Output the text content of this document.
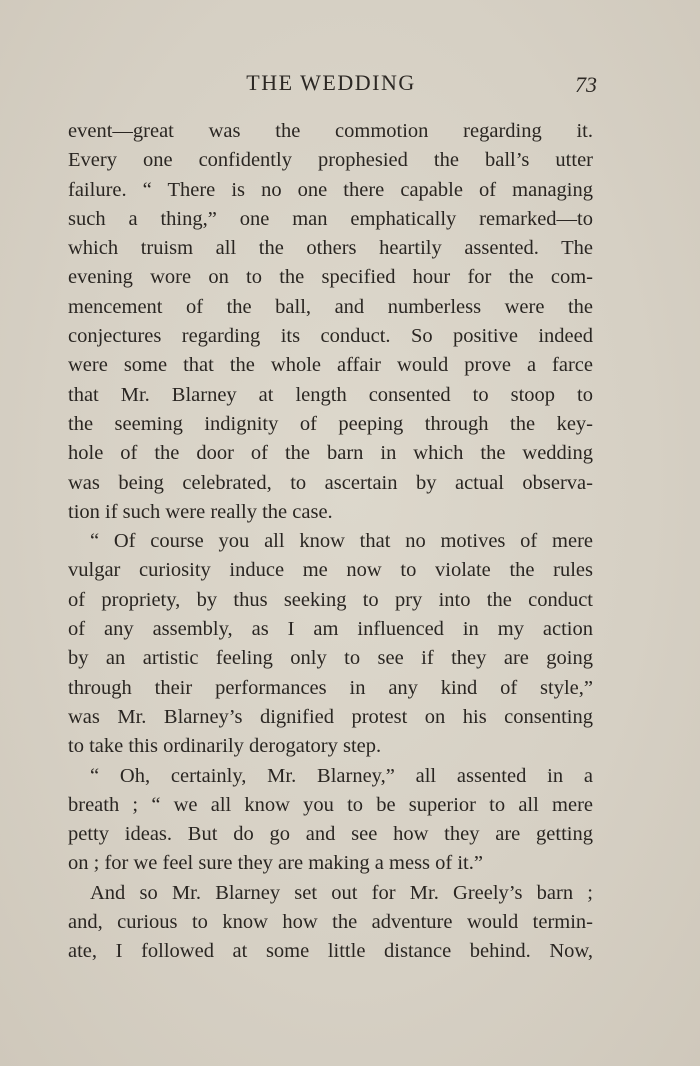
THE WEDDING	73
event—great was the commotion regarding it.
Every one confidently prophesied the ball’s utter
failure. “ There is no one there capable of managing
such a thing,” one man emphatically remarked—to
which truism all the others heartily assented. The
evening wore on to the specified hour for the com-
mencement of the ball, and numberless were the
conjectures regarding its conduct. So positive indeed
were some that the whole affair would prove a farce
that Mr. Blarney at length consented to stoop to
the seeming indignity of peeping through the key-
hole of the door of the barn in which the wedding
was being celebrated, to ascertain by actual observa-
tion if such were really the case.
“ Of course you all know that no motives of mere
vulgar curiosity induce me now to violate the rules
of propriety, by thus seeking to pry into the conduct
of any assembly, as I am influenced in my action
by an artistic feeling only to see if they are going
through their performances in any kind of style,”
was Mr. Blarney’s dignified protest on his consenting
to take this ordinarily derogatory step.
“ Oh, certainly, Mr. Blarney,” all assented in a
breath ; “ we all know you to be superior to all mere
petty ideas. But do go and see how they are getting
on ; for we feel sure they are making a mess of it.”
And so Mr. Blarney set out for Mr. Greely’s barn ;
and, curious to know how the adventure would termin-
ate, I followed at some little distance behind. Now,
